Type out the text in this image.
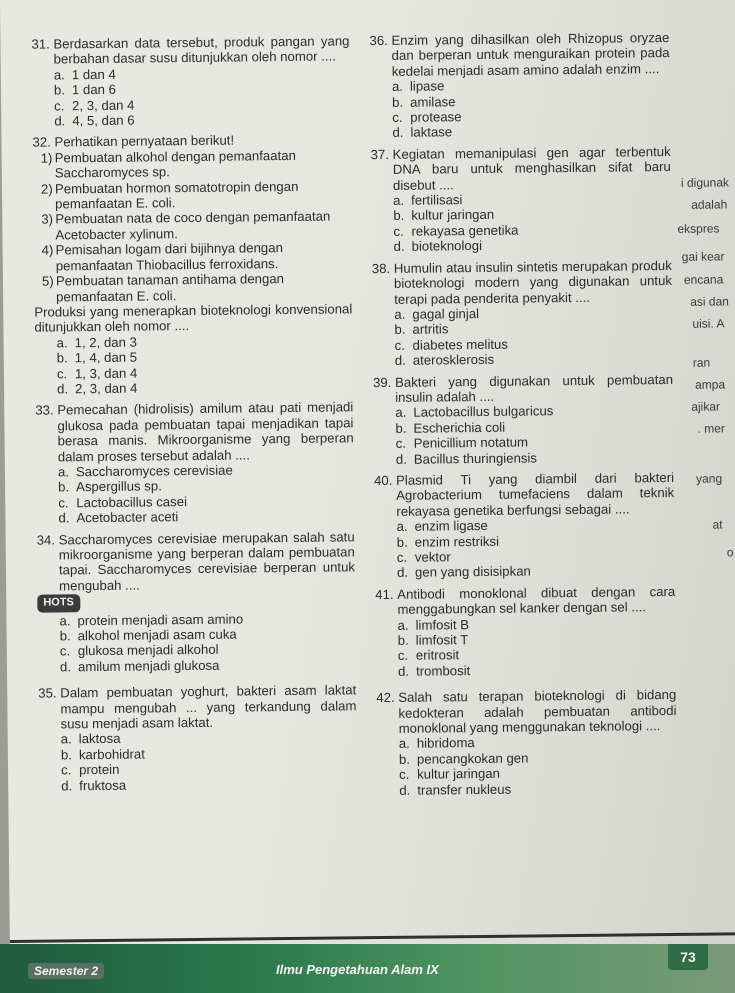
31. Berdasarkan data tersebut, produk pangan yang berbahan dasar susu ditunjukkan oleh nomor ....
a. 1 dan 4
b. 1 dan 6
c. 2, 3, dan 4
d. 4, 5, dan 6
32. Perhatikan pernyataan berikut!
1) Pembuatan alkohol dengan pemanfaatan Saccharomyces sp.
2) Pembuatan hormon somatotropin dengan pemanfaatan E. coli.
3) Pembuatan nata de coco dengan pemanfaatan Acetobacter xylinum.
4) Pemisahan logam dari bijihnya dengan pemanfaatan Thiobacillus ferroxidans.
5) Pembuatan tanaman antihama dengan pemanfaatan E. coli.
Produksi yang menerapkan bioteknologi konvensional ditunjukkan oleh nomor ....
a. 1, 2, dan 3
b. 1, 4, dan 5
c. 1, 3, dan 4
d. 2, 3, dan 4
33. Pemecahan (hidrolisis) amilum atau pati menjadi glukosa pada pembuatan tapai menjadikan tapai berasa manis. Mikroorganisme yang berperan dalam proses tersebut adalah ....
a. Saccharomyces cerevisiae
b. Aspergillus sp.
c. Lactobacillus casei
d. Acetobacter aceti
34. Saccharomyces cerevisiae merupakan salah satu mikroorganisme yang berperan dalam pembuatan tapai. Saccharomyces cerevisiae berperan untuk mengubah ....
HOTS
a. protein menjadi asam amino
b. alkohol menjadi asam cuka
c. glukosa menjadi alkohol
d. amilum menjadi glukosa
35. Dalam pembuatan yoghurt, bakteri asam laktat mampu mengubah ... yang terkandung dalam susu menjadi asam laktat.
a. laktosa
b. karbohidrat
c. protein
d. fruktosa
36. Enzim yang dihasilkan oleh Rhizopus oryzae dan berperan untuk menguraikan protein pada kedelai menjadi asam amino adalah enzim ....
a. lipase
b. amilase
c. protease
d. laktase
37. Kegiatan memanipulasi gen agar terbentuk DNA baru untuk menghasilkan sifat baru disebut ....
a. fertilisasi
b. kultur jaringan
c. rekayasa genetika
d. bioteknologi
38. Humulin atau insulin sintetis merupakan produk bioteknologi modern yang digunakan untuk terapi pada penderita penyakit ....
a. gagal ginjal
b. artritis
c. diabetes melitus
d. aterosklerosis
39. Bakteri yang digunakan untuk pembuatan insulin adalah ....
a. Lactobacillus bulgaricus
b. Escherichia coli
c. Penicillium notatum
d. Bacillus thuringiensis
40. Plasmid Ti yang diambil dari bakteri Agrobacterium tumefaciens dalam teknik rekayasa genetika berfungsi sebagai ....
a. enzim ligase
b. enzim restriksi
c. vektor
d. gen yang disisipkan
41. Antibodi monoklonal dibuat dengan cara menggabungkan sel kanker dengan sel ....
a. limfosit B
b. limfosit T
c. eritrosit
d. trombosit
42. Salah satu terapan bioteknologi di bidang kedokteran adalah pembuatan antibodi monoklonal yang menggunakan teknologi ....
a. hibridoma
b. pencangkokan gen
c. kultur jaringan
d. transfer nukleus
i digunak
adalah
ekspres
gai kear
encana
asi dan
uisi. A
ran
ampa
ajikar
. mer
yang
at
o
Semester 2	Ilmu Pengetahuan Alam IX
73
